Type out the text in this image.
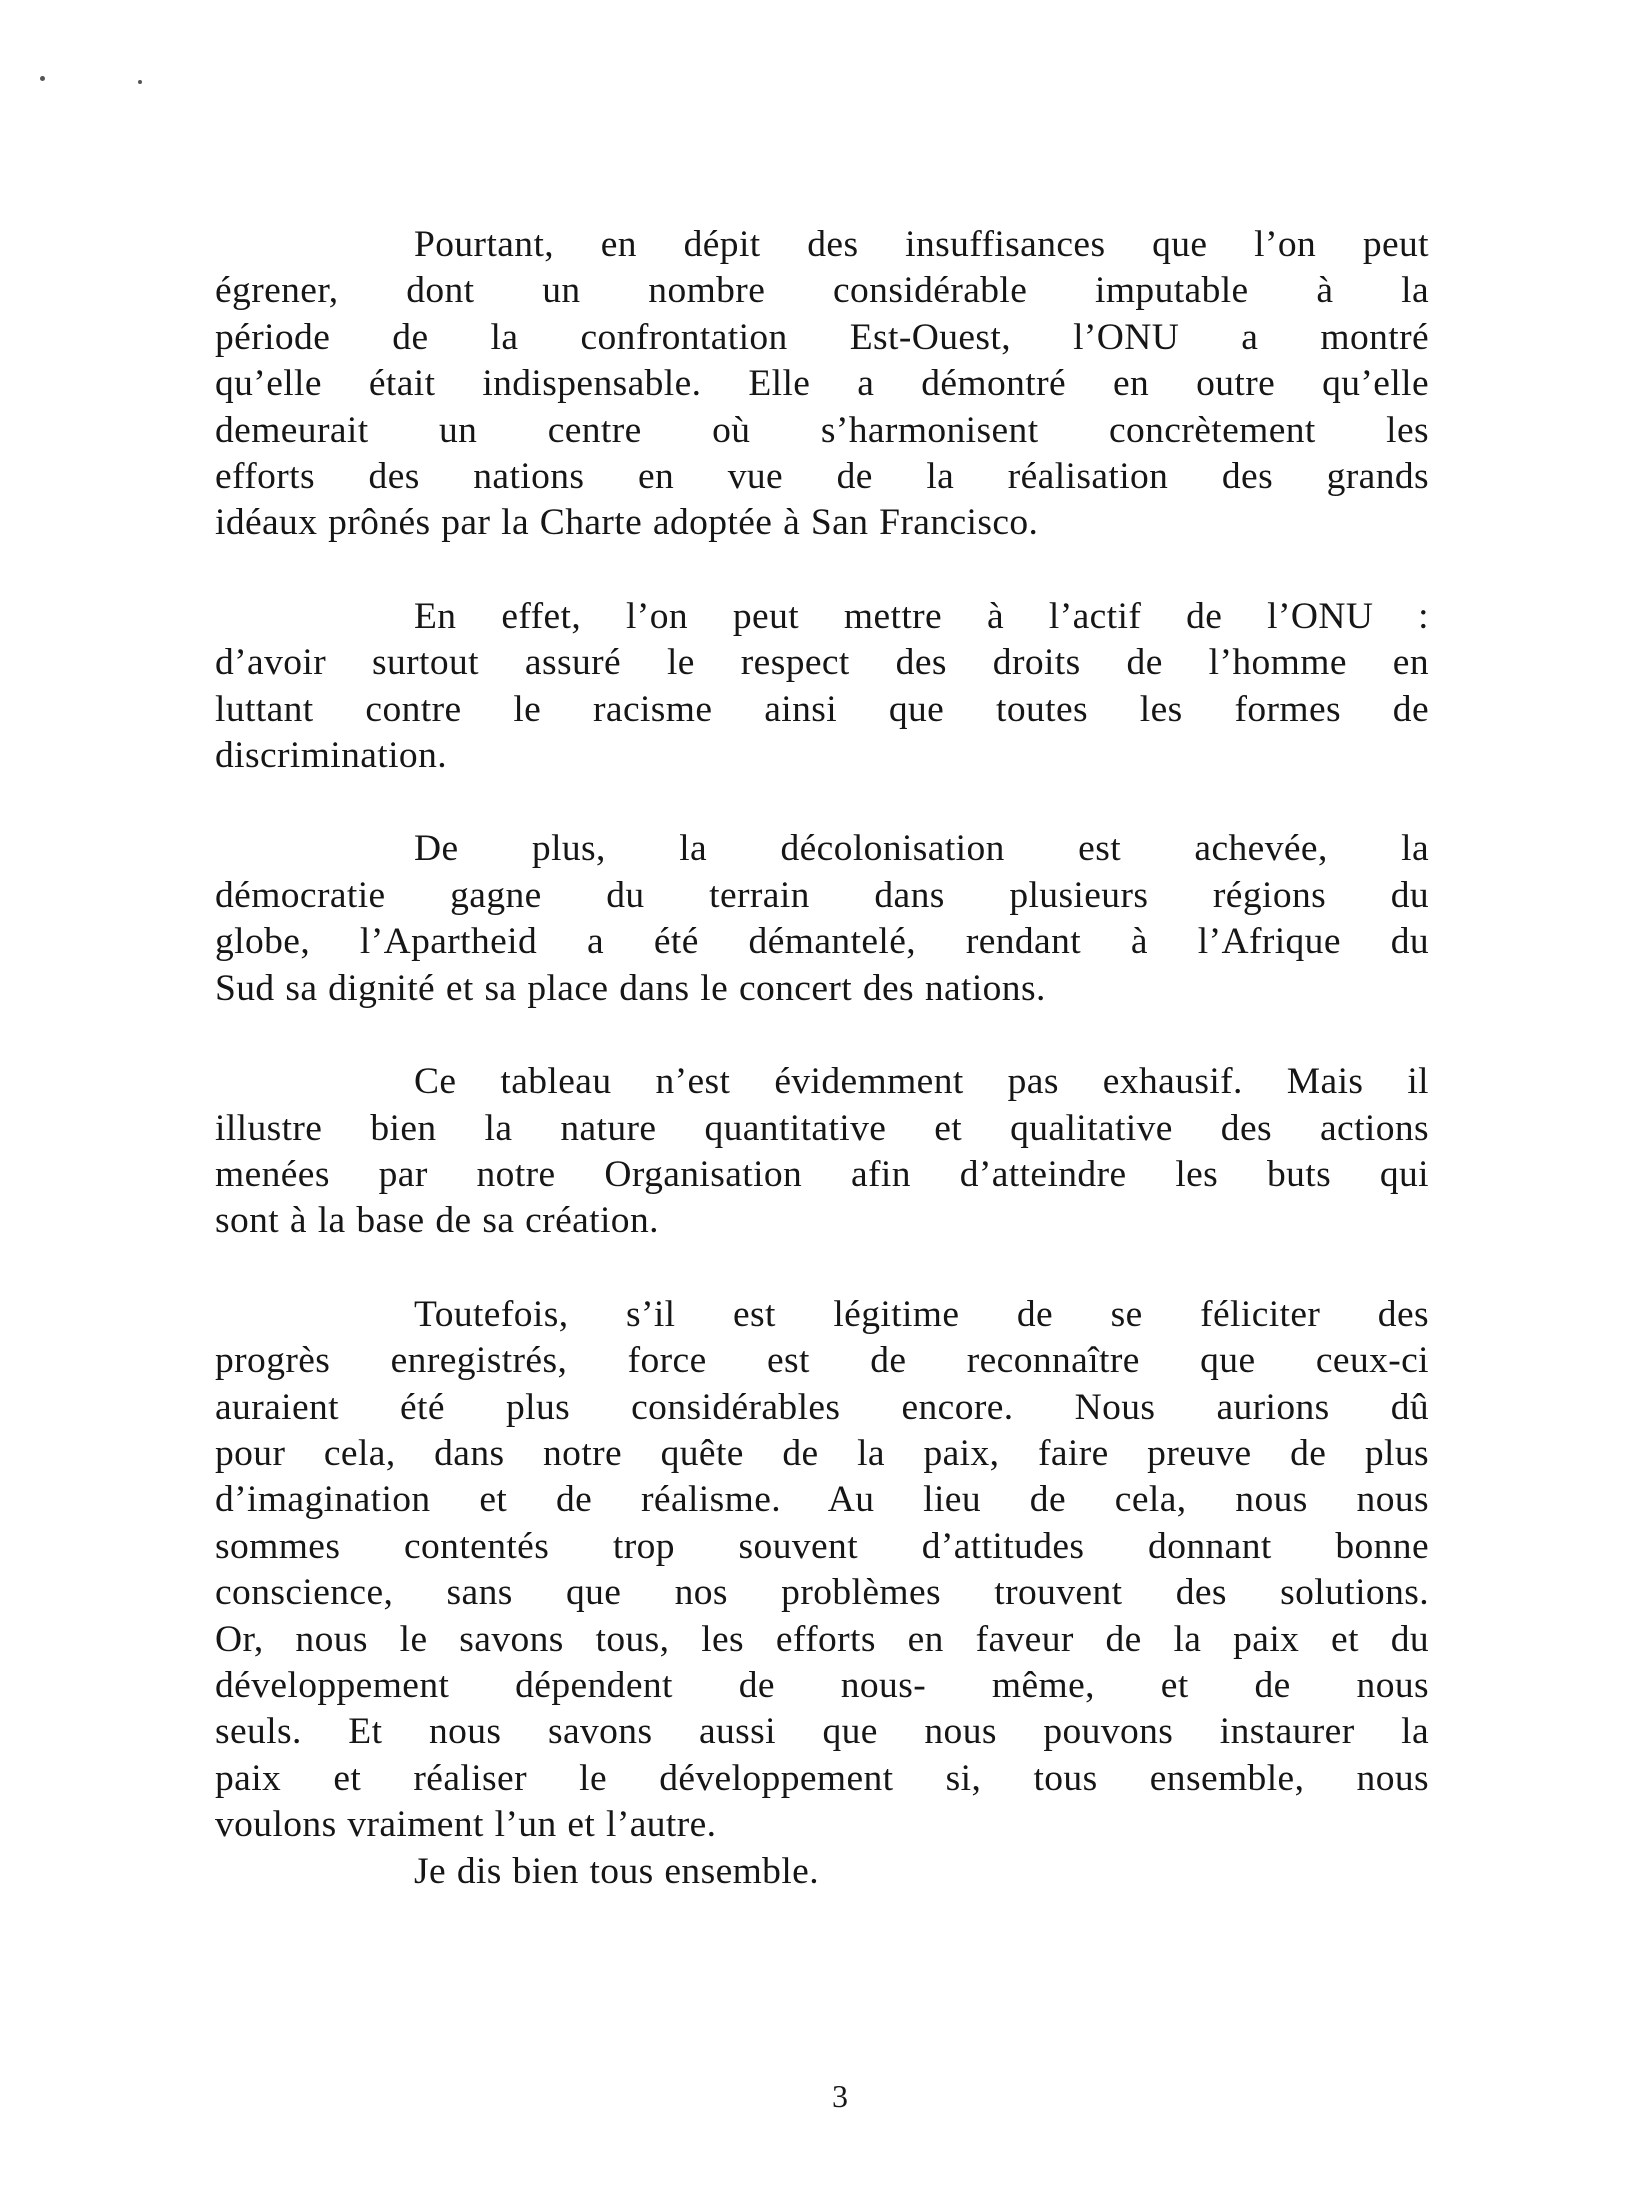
Pourtant, en dépit des insuffisances que l’on peut
égrener, dont un nombre considérable imputable à la
période de la confrontation Est-Ouest, l’ONU a montré
qu’elle était indispensable. Elle a démontré en outre qu’elle
demeurait un centre où s’harmonisent concrètement les
efforts des nations en vue de la réalisation des grands
idéaux prônés par la Charte adoptée à San Francisco.
En effet, l’on peut mettre à l’actif de l’ONU :
d’avoir surtout assuré le respect des droits de l’homme en
luttant contre le racisme ainsi que toutes les formes de
discrimination.
De plus, la décolonisation est achevée, la
démocratie gagne du terrain dans plusieurs régions du
globe, l’Apartheid a été démantelé, rendant à l’Afrique du
Sud sa dignité et sa place dans le concert des nations.
Ce tableau n’est évidemment pas exhausif. Mais il
illustre bien la nature quantitative et qualitative des actions
menées par notre Organisation afin d’atteindre les buts qui
sont à la base de sa création.
Toutefois, s’il est légitime de se féliciter des
progrès enregistrés, force est de reconnaître que ceux-ci
auraient été plus considérables encore. Nous aurions dû
pour cela, dans notre quête de la paix, faire preuve de plus
d’imagination et de réalisme. Au lieu de cela, nous nous
sommes contentés trop souvent d’attitudes donnant bonne
conscience, sans que nos problèmes trouvent des solutions.
Or, nous le savons tous, les efforts en faveur de la paix et du
développement dépendent de nous- même, et de nous
seuls. Et nous savons aussi que nous pouvons instaurer la
paix et réaliser le développement si, tous ensemble, nous
voulons vraiment l’un et l’autre.
Je dis bien tous ensemble.
3
